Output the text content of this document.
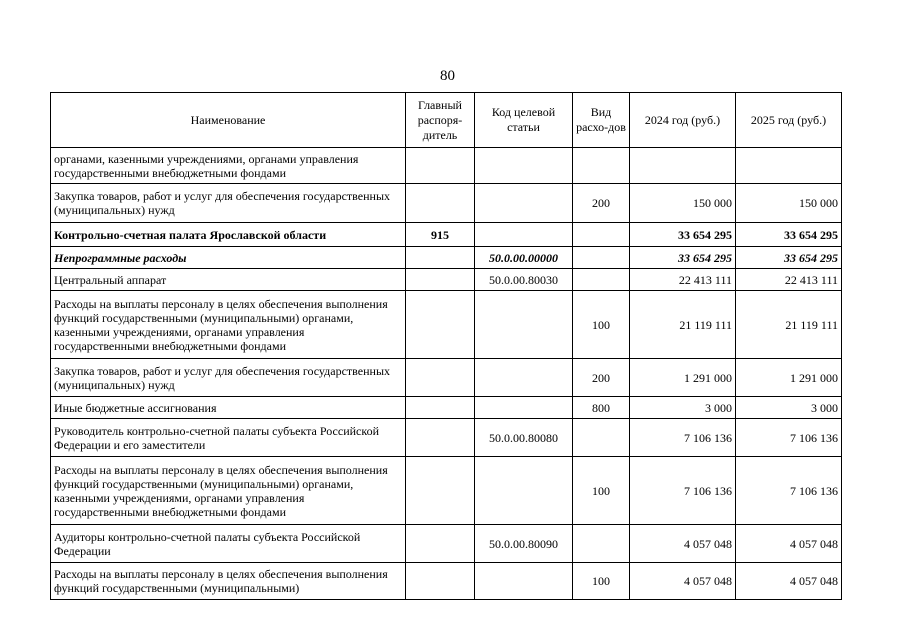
80
Наименование	Главный распоря-дитель	Код целевой статьи	Вид расхо-дов	2024 год (руб.)	2025 год (руб.)
органами, казенными учреждениями, органами управления государственными внебюджетными фондами					
Закупка товаров, работ и услуг для обеспечения государственных (муниципальных) нужд			200	150 000	150 000
Контрольно-счетная палата Ярославской области	915			33 654 295	33 654 295
Непрограммные расходы		50.0.00.00000		33 654 295	33 654 295
Центральный аппарат		50.0.00.80030		22 413 111	22 413 111
Расходы на выплаты персоналу в целях обеспечения выполнения функций государственными (муниципальными) органами, казенными учреждениями, органами управления государственными внебюджетными фондами			100	21 119 111	21 119 111
Закупка товаров, работ и услуг для обеспечения государственных (муниципальных) нужд			200	1 291 000	1 291 000
Иные бюджетные ассигнования			800	3 000	3 000
Руководитель контрольно-счетной палаты субъекта Российской Федерации и его заместители		50.0.00.80080		7 106 136	7 106 136
Расходы на выплаты персоналу в целях обеспечения выполнения функций государственными (муниципальными) органами, казенными учреждениями, органами управления государственными внебюджетными фондами			100	7 106 136	7 106 136
Аудиторы контрольно-счетной палаты субъекта Российской Федерации		50.0.00.80090		4 057 048	4 057 048
Расходы на выплаты персоналу в целях обеспечения выполнения функций государственными (муниципальными)			100	4 057 048	4 057 048
